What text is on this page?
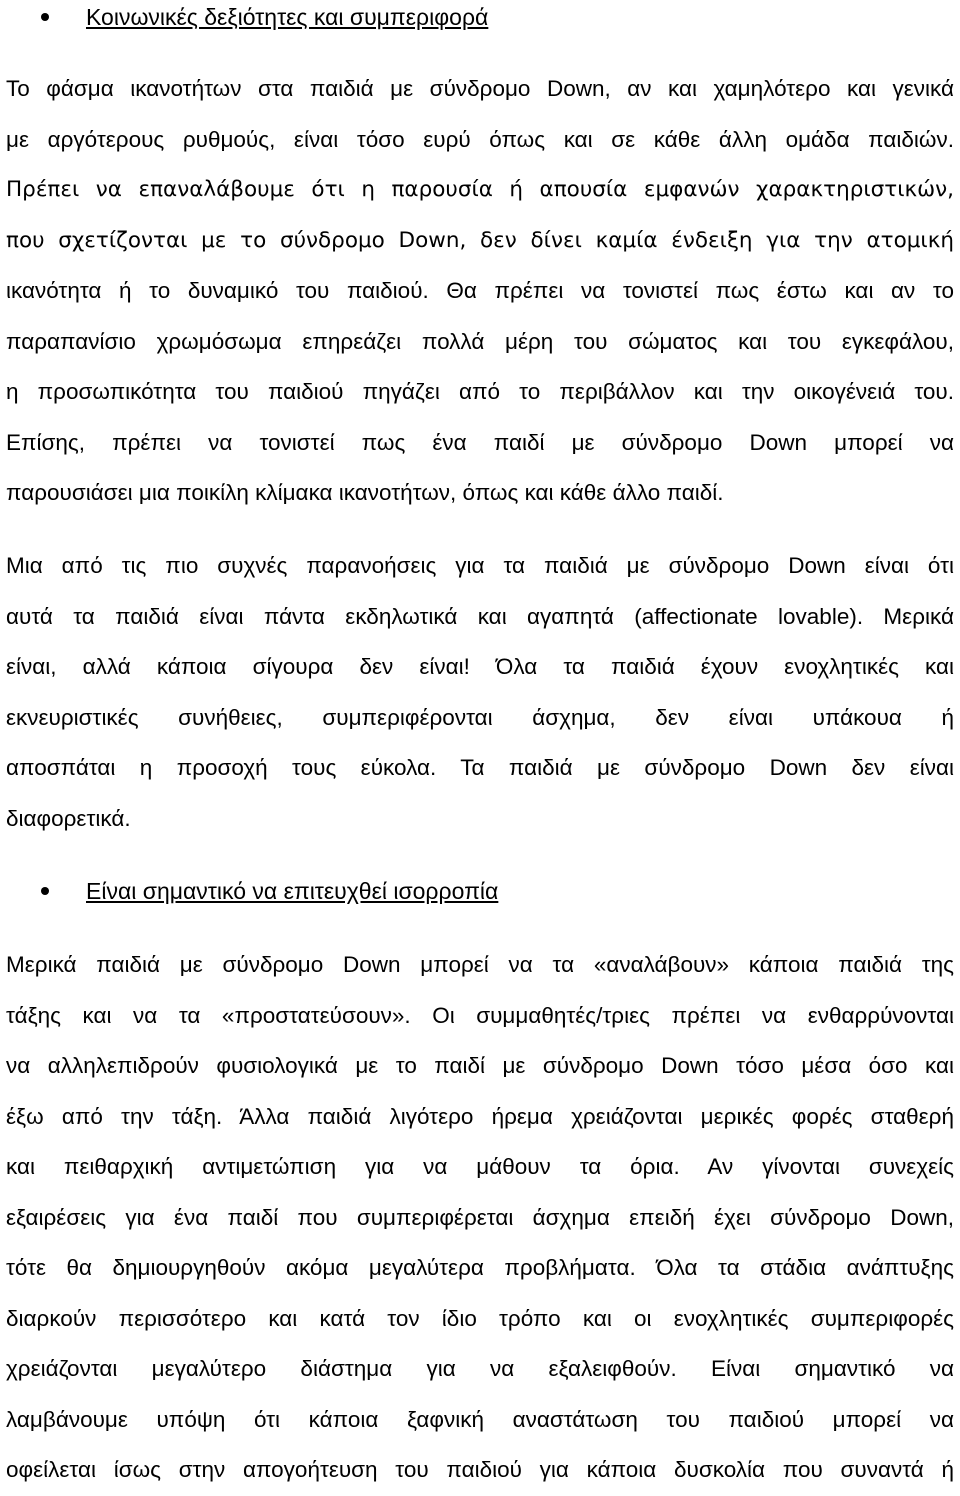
Κοινωνικές δεξιότητες και συμπεριφορά
Το φάσμα ικανοτήτων στα παιδιά με σύνδρομο Down, αν και χαμηλότερο και γενικά
με αργότερους ρυθμούς, είναι τόσο ευρύ όπως και σε κάθε άλλη ομάδα παιδιών.
Πρέπει να επαναλάβουμε ότι η παρουσία ή απουσία εμφανών χαρακτηριστικών,
που σχετίζονται με το σύνδρομο Down, δεν δίνει καμία ένδειξη για την ατομική
ικανότητα ή το δυναμικό του παιδιού. Θα πρέπει να τονιστεί πως έστω και αν το
παραπανίσιο χρωμόσωμα επηρεάζει πολλά μέρη του σώματος και του εγκεφάλου,
η προσωπικότητα του παιδιού πηγάζει από το περιβάλλον και την οικογένειά του.
Επίσης, πρέπει να τονιστεί πως ένα παιδί με σύνδρομο Down μπορεί να
παρουσιάσει μια ποικίλη κλίμακα ικανοτήτων, όπως και κάθε άλλο παιδί.
Μια από τις πιο συχνές παρανοήσεις για τα παιδιά με σύνδρομο Down είναι ότι
αυτά τα παιδιά είναι πάντα εκδηλωτικά και αγαπητά (affectionate lovable). Μερικά
είναι, αλλά κάποια σίγουρα δεν είναι! Όλα τα παιδιά έχουν ενοχλητικές και
εκνευριστικές συνήθειες, συμπεριφέρονται άσχημα, δεν είναι υπάκουα ή
αποσπάται η προσοχή τους εύκολα. Τα παιδιά με σύνδρομο Down δεν είναι
διαφορετικά.
Είναι σημαντικό να επιτευχθεί ισορροπία
Μερικά παιδιά με σύνδρομο Down μπορεί να τα «αναλάβουν» κάποια παιδιά της
τάξης και να τα «προστατεύσουν». Οι συμμαθητές/τριες πρέπει να ενθαρρύνονται
να αλληλεπιδρούν φυσιολογικά με το παιδί με σύνδρομο Down τόσο μέσα όσο και
έξω από την τάξη. Άλλα παιδιά λιγότερο ήρεμα χρειάζονται μερικές φορές σταθερή
και πειθαρχική αντιμετώπιση για να μάθουν τα όρια. Αν γίνονται συνεχείς
εξαιρέσεις για ένα παιδί που συμπεριφέρεται άσχημα επειδή έχει σύνδρομο Down,
τότε θα δημιουργηθούν ακόμα μεγαλύτερα προβλήματα. Όλα τα στάδια ανάπτυξης
διαρκούν περισσότερο και κατά τον ίδιο τρόπο και οι ενοχλητικές συμπεριφορές
χρειάζονται μεγαλύτερο διάστημα για να εξαλειφθούν. Είναι σημαντικό να
λαμβάνουμε υπόψη ότι κάποια ξαφνική αναστάτωση του παιδιού μπορεί να
οφείλεται ίσως στην απογοήτευση του παιδιού για κάποια δυσκολία που συναντά ή
